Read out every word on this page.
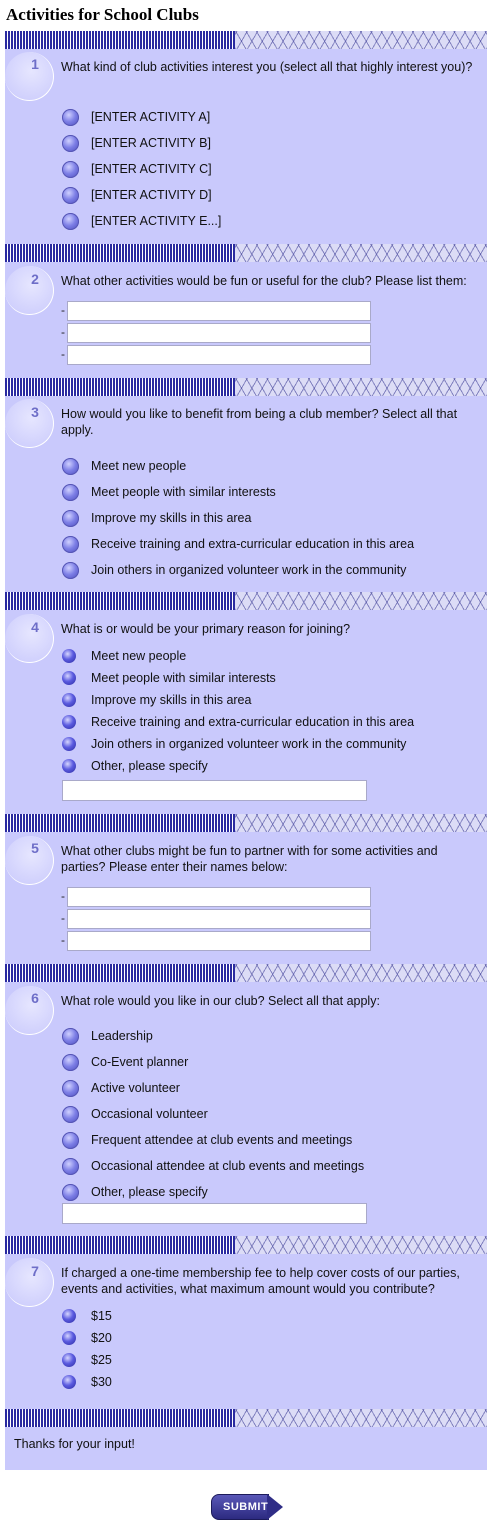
Activities for School Clubs
1 What kind of club activities interest you (select all that highly interest you)?
[ENTER ACTIVITY A]
[ENTER ACTIVITY B]
[ENTER ACTIVITY C]
[ENTER ACTIVITY D]
[ENTER ACTIVITY E...]
2 What other activities would be fun or useful for the club? Please list them:
-
-
-
3 How would you like to benefit from being a club member? Select all that apply.
Meet new people
Meet people with similar interests
Improve my skills in this area
Receive training and extra-curricular education in this area
Join others in organized volunteer work in the community
4 What is or would be your primary reason for joining?
Meet new people
Meet people with similar interests
Improve my skills in this area
Receive training and extra-curricular education in this area
Join others in organized volunteer work in the community
Other, please specify
5 What other clubs might be fun to partner with for some activities and parties? Please enter their names below:
-
-
-
6 What role would you like in our club? Select all that apply:
Leadership
Co-Event planner
Active volunteer
Occasional volunteer
Frequent attendee at club events and meetings
Occasional attendee at club events and meetings
Other, please specify
7 If charged a one-time membership fee to help cover costs of our parties, events and activities, what maximum amount would you contribute?
$15
$20
$25
$30
Thanks for your input!
SUBMIT
